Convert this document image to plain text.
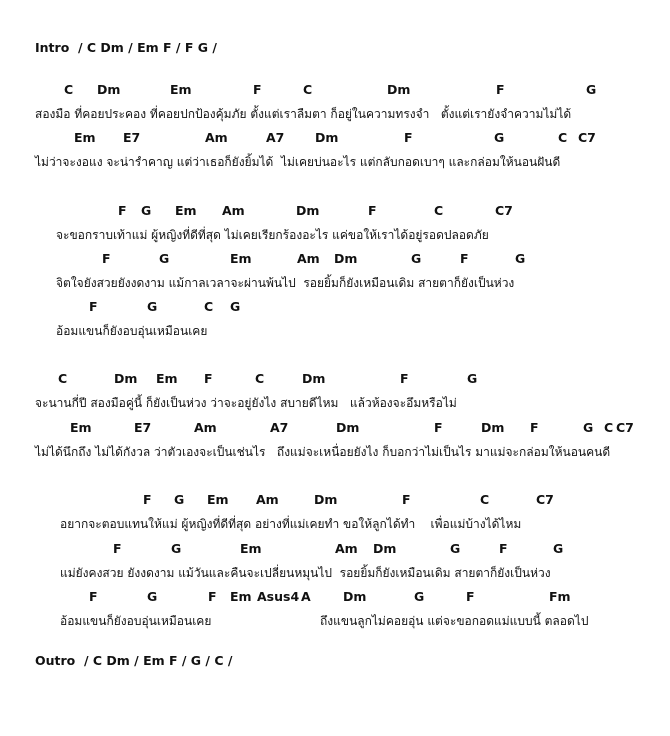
Intro  / C Dm / Em F / F G /
C Dm	Em	F	C	Dm	F	G
สองมือ ที่คอยประคอง ที่คอยปกป้องคุ้มภัย ตั้งแต่เราลืมตา ก็อยู่ในความทรงจำ   ตั้งแต่เรายังจำความไม่ได้
Em E7	Am	A7 Dm	F	G	C C7
ไม่ว่าจะงอแง จะน่ารำคาญ แต่ว่าเธอก็ยังยิ้มได้  ไม่เคยบ่นอะไร แต่กลับกอดเบาๆ และกล่อมให้นอนฝันดี
F G Em Am	Dm	F	C	C7
จะขอกราบเท้าแม่ ผู้หญิงที่ดีที่สุด ไม่เคยเรียกร้องอะไร แค่ขอให้เราได้อยู่รอดปลอดภัย
F	G	Em	Am Dm	G	F	G
จิตใจยังสวยยังงดงาม แม้กาลเวลาจะผ่านพ้นไป  รอยยิ้มก็ยังเหมือนเดิม สายตาก็ยังเป็นห่วง
F	G	C G
อ้อมแขนก็ยังอบอุ่นเหมือนเคย
C	Dm Em F	C	Dm	F	G
จะนานกี่ปี สองมือคู่นี้ ก็ยังเป็นห่วง ว่าจะอยู่ยังไง สบายดีไหม   แล้วห้องจะอึมหรือไม่
Em	E7	Am	A7	Dm	F	Dm F	G C C7
ไม่ได้นึกถึง ไม่ได้กังวล ว่าตัวเองจะเป็นเช่นไร   ถึงแม่จะเหนื่อยยังไง ก็บอกว่าไม่เป็นไร มาแม่จะกล่อมให้นอนคนดี
F G Em Am	Dm	F	C	C7
อยากจะตอบแทนให้แม่ ผู้หญิงที่ดีที่สุด อย่างที่แม่เคยทำ ขอให้ลูกได้ทำ    เพื่อแม่บ้างได้ไหม
F	G	Em	Am Dm	G	F	G
แม่ยังคงสวย ยังงดงาม แม้วันและคืนจะเปลี่ยนหมุนไป  รอยยิ้มก็ยังเหมือนเดิม สายตาก็ยังเป็นห่วง
F	G	F Em Asus4 A	Dm	G	F	Fm
อ้อมแขนก็ยังอบอุ่นเหมือนเคย	ถึงแขนลูกไม่คอยอุ่น แต่จะขอกอดแม่แบบนี้ ตลอดไป
Outro  / C Dm / Em F / G / C /
